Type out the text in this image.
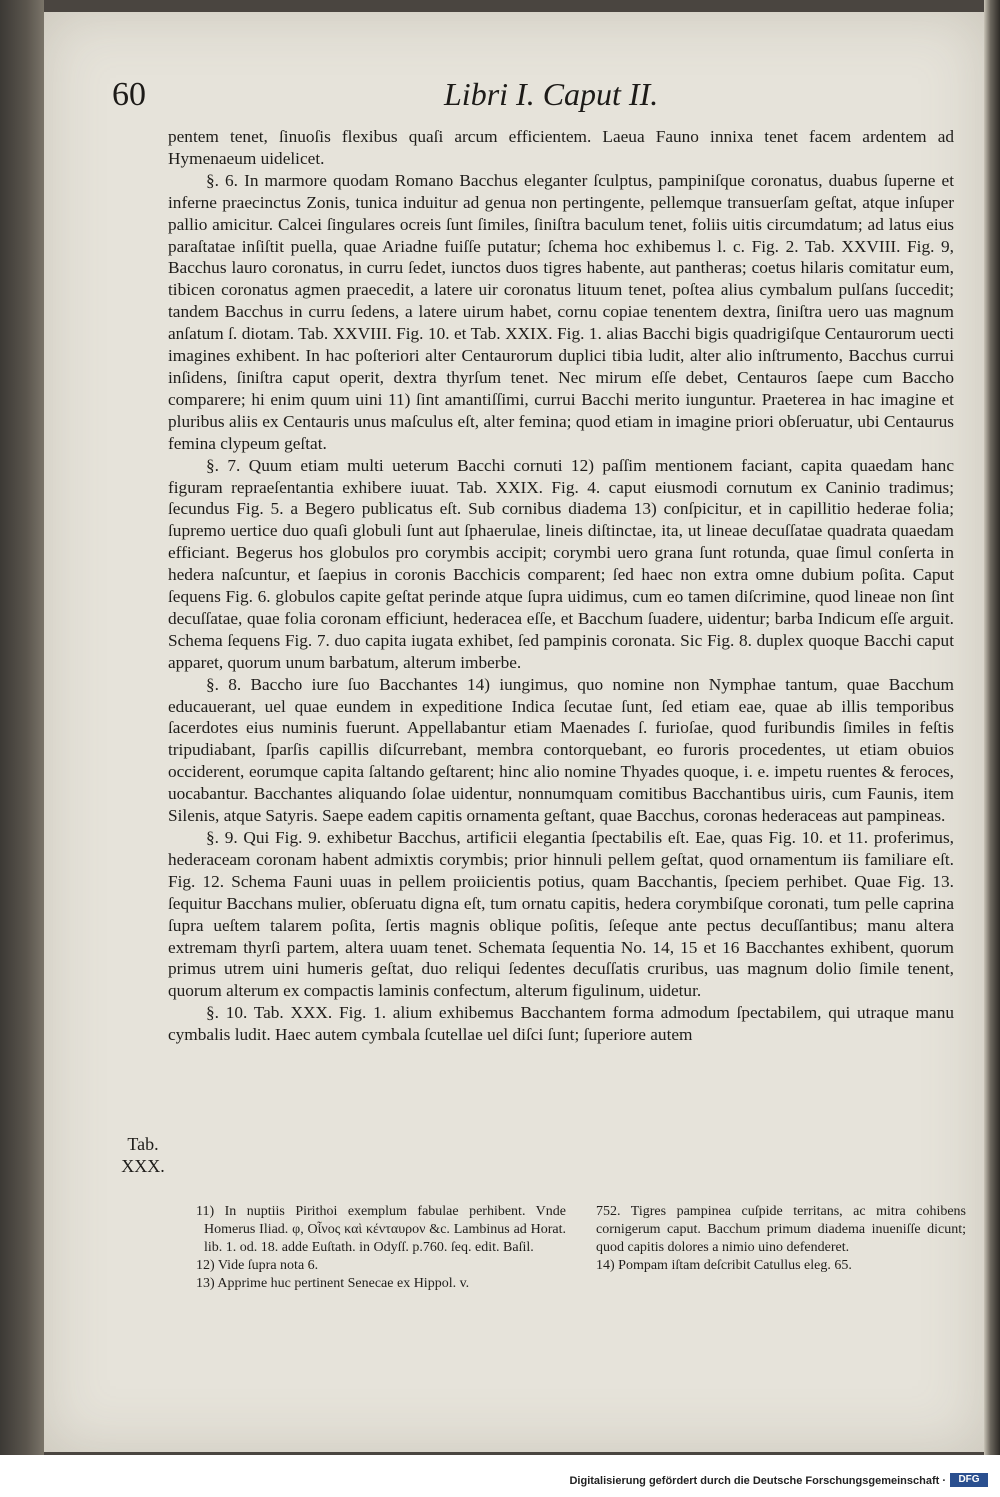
60	Libri I. Caput II.

pentem tenet, ſinuoſis flexibus quaſi arcum efficientem. Laeua Fauno innixa tenet facem ardentem ad Hymenaeum uidelicet.

§. 6. In marmore quodam Romano Bacchus eleganter ſculptus, pampiniſque coronatus, duabus ſuperne et inferne praecinctus Zonis, tunica induitur ad genua non pertingente, pellemque transuerſam geſtat, atque inſuper pallio amicitur. Calcei ſingulares ocreis ſunt ſimiles, ſiniſtra baculum tenet, foliis uitis circumdatum; ad latus eius paraſtatae inſiſtit puella, quae Ariadne fuiſſe putatur; ſchema hoc exhibemus l. c. Fig. 2. Tab. XXVIII. Fig. 9, Bacchus lauro coronatus, in curru ſedet, iunctos duos tigres habente, aut pantheras; coetus hilaris comitatur eum, tibicen coronatus agmen praecedit, a latere uir coronatus lituum tenet, poſtea alius cymbalum pulſans ſuccedit; tandem Bacchus in curru ſedens, a latere uirum habet, cornu copiae tenentem dextra, ſiniſtra uero uas magnum anſatum ſ. diotam. Tab. XXVIII. Fig. 10. et Tab. XXIX. Fig. 1. alias Bacchi bigis quadrigiſque Centaurorum uecti imagines exhibent. In hac poſteriori alter Centaurorum duplici tibia ludit, alter alio inſtrumento, Bacchus currui inſidens, ſiniſtra caput operit, dextra thyrſum tenet. Nec mirum eſſe debet, Centauros ſaepe cum Baccho comparere; hi enim quum uini 11) ſint amantiſſimi, currui Bacchi merito iunguntur. Praeterea in hac imagine et pluribus aliis ex Centauris unus maſculus eſt, alter femina; quod etiam in imagine priori obſeruatur, ubi Centaurus femina clypeum geſtat.

§. 7. Quum etiam multi ueterum Bacchi cornuti 12) paſſim mentionem faciant, capita quaedam hanc figuram repraeſentantia exhibere iuuat. Tab. XXIX. Fig. 4. caput eiusmodi cornutum ex Caninio tradimus; ſecundus Fig. 5. a Begero publicatus eſt. Sub cornibus diadema 13) conſpicitur, et in capillitio hederae folia; ſupremo uertice duo quaſi globuli ſunt aut ſphaerulae, lineis diſtinctae, ita, ut lineae decuſſatae quadrata quaedam efficiant. Begerus hos globulos pro corymbis accipit; corymbi uero grana ſunt rotunda, quae ſimul conſerta in hedera naſcuntur, et ſaepius in coronis Bacchicis comparent; ſed haec non extra omne dubium poſita. Caput ſequens Fig. 6. globulos capite geſtat perinde atque ſupra uidimus, cum eo tamen diſcrimine, quod lineae non ſint decuſſatae, quae folia coronam efficiunt, hederacea eſſe, et Bacchum ſuadere, uidentur; barba Indicum eſſe arguit. Schema ſequens Fig. 7. duo capita iugata exhibet, ſed pampinis coronata. Sic Fig. 8. duplex quoque Bacchi caput apparet, quorum unum barbatum, alterum imberbe.

§. 8. Baccho iure ſuo Bacchantes 14) iungimus, quo nomine non Nymphae tantum, quae Bacchum educauerant, uel quae eundem in expeditione Indica ſecutae ſunt, ſed etiam eae, quae ab illis temporibus ſacerdotes eius numinis fuerunt. Appellabantur etiam Maenades ſ. furioſae, quod furibundis ſimiles in feſtis tripudiabant, ſparſis capillis diſcurrebant, membra contorquebant, eo furoris procedentes, ut etiam obuios occiderent, eorumque capita ſaltando geſtarent; hinc alio nomine Thyades quoque, i. e. impetu ruentes & feroces, uocabantur. Bacchantes aliquando ſolae uidentur, nonnumquam comitibus Bacchantibus uiris, cum Faunis, item Silenis, atque Satyris. Saepe eadem capitis ornamenta geſtant, quae Bacchus, coronas hederaceas aut pampineas.

§. 9. Qui Fig. 9. exhibetur Bacchus, artificii elegantia ſpectabilis eſt. Eae, quas Fig. 10. et 11. proferimus, hederaceam coronam habent admixtis corymbis; prior hinnuli pellem geſtat, quod ornamentum iis familiare eſt. Fig. 12. Schema Fauni uuas in pellem proiicientis potius, quam Bacchantis, ſpeciem perhibet. Quae Fig. 13. ſequitur Bacchans mulier, obſeruatu digna eſt, tum ornatu capitis, hedera corymbiſque coronati, tum pelle caprina ſupra ueſtem talarem poſita, ſertis magnis oblique poſitis, ſeſeque ante pectus decuſſantibus; manu altera extremam thyrſi partem, altera uuam tenet. Schemata ſequentia No. 14, 15 et 16 Bacchantes exhibent, quorum primus utrem uini humeris geſtat, duo reliqui ſedentes decuſſatis cruribus, uas magnum dolio ſimile tenent, quorum alterum ex compactis laminis confectum, alterum figulinum, uidetur.

§. 10. Tab. XXX. Fig. 1. alium exhibemus Bacchantem forma admodum ſpectabilem, qui utraque manu cymbalis ludit. Haec autem cymbala ſcutellae uel diſci ſunt; ſuperiore autem

Tab.
XXX.

11) In nuptiis Pirithoi exemplum fabulae perhibent. Vnde Homerus Iliad. φ, Οἶνος καὶ κένταυρον &c. Lambinus ad Horat. lib. 1. od. 18. adde Euſtath. in Odyſſ. p.760. ſeq. edit. Baſil.

12) Vide ſupra nota 6.

13) Apprime huc pertinent Senecae ex Hippol. v.

752. Tigres pampinea cuſpide territans, ac mitra cohibens cornigerum caput. Bacchum primum diadema inueniſſe dicunt; quod capitis dolores a nimio uino defenderet.

14) Pompam iſtam deſcribit Catullus eleg. 65.

Digitalisierung gefördert durch die Deutsche Forschungsgemeinschaft ·	DFG
